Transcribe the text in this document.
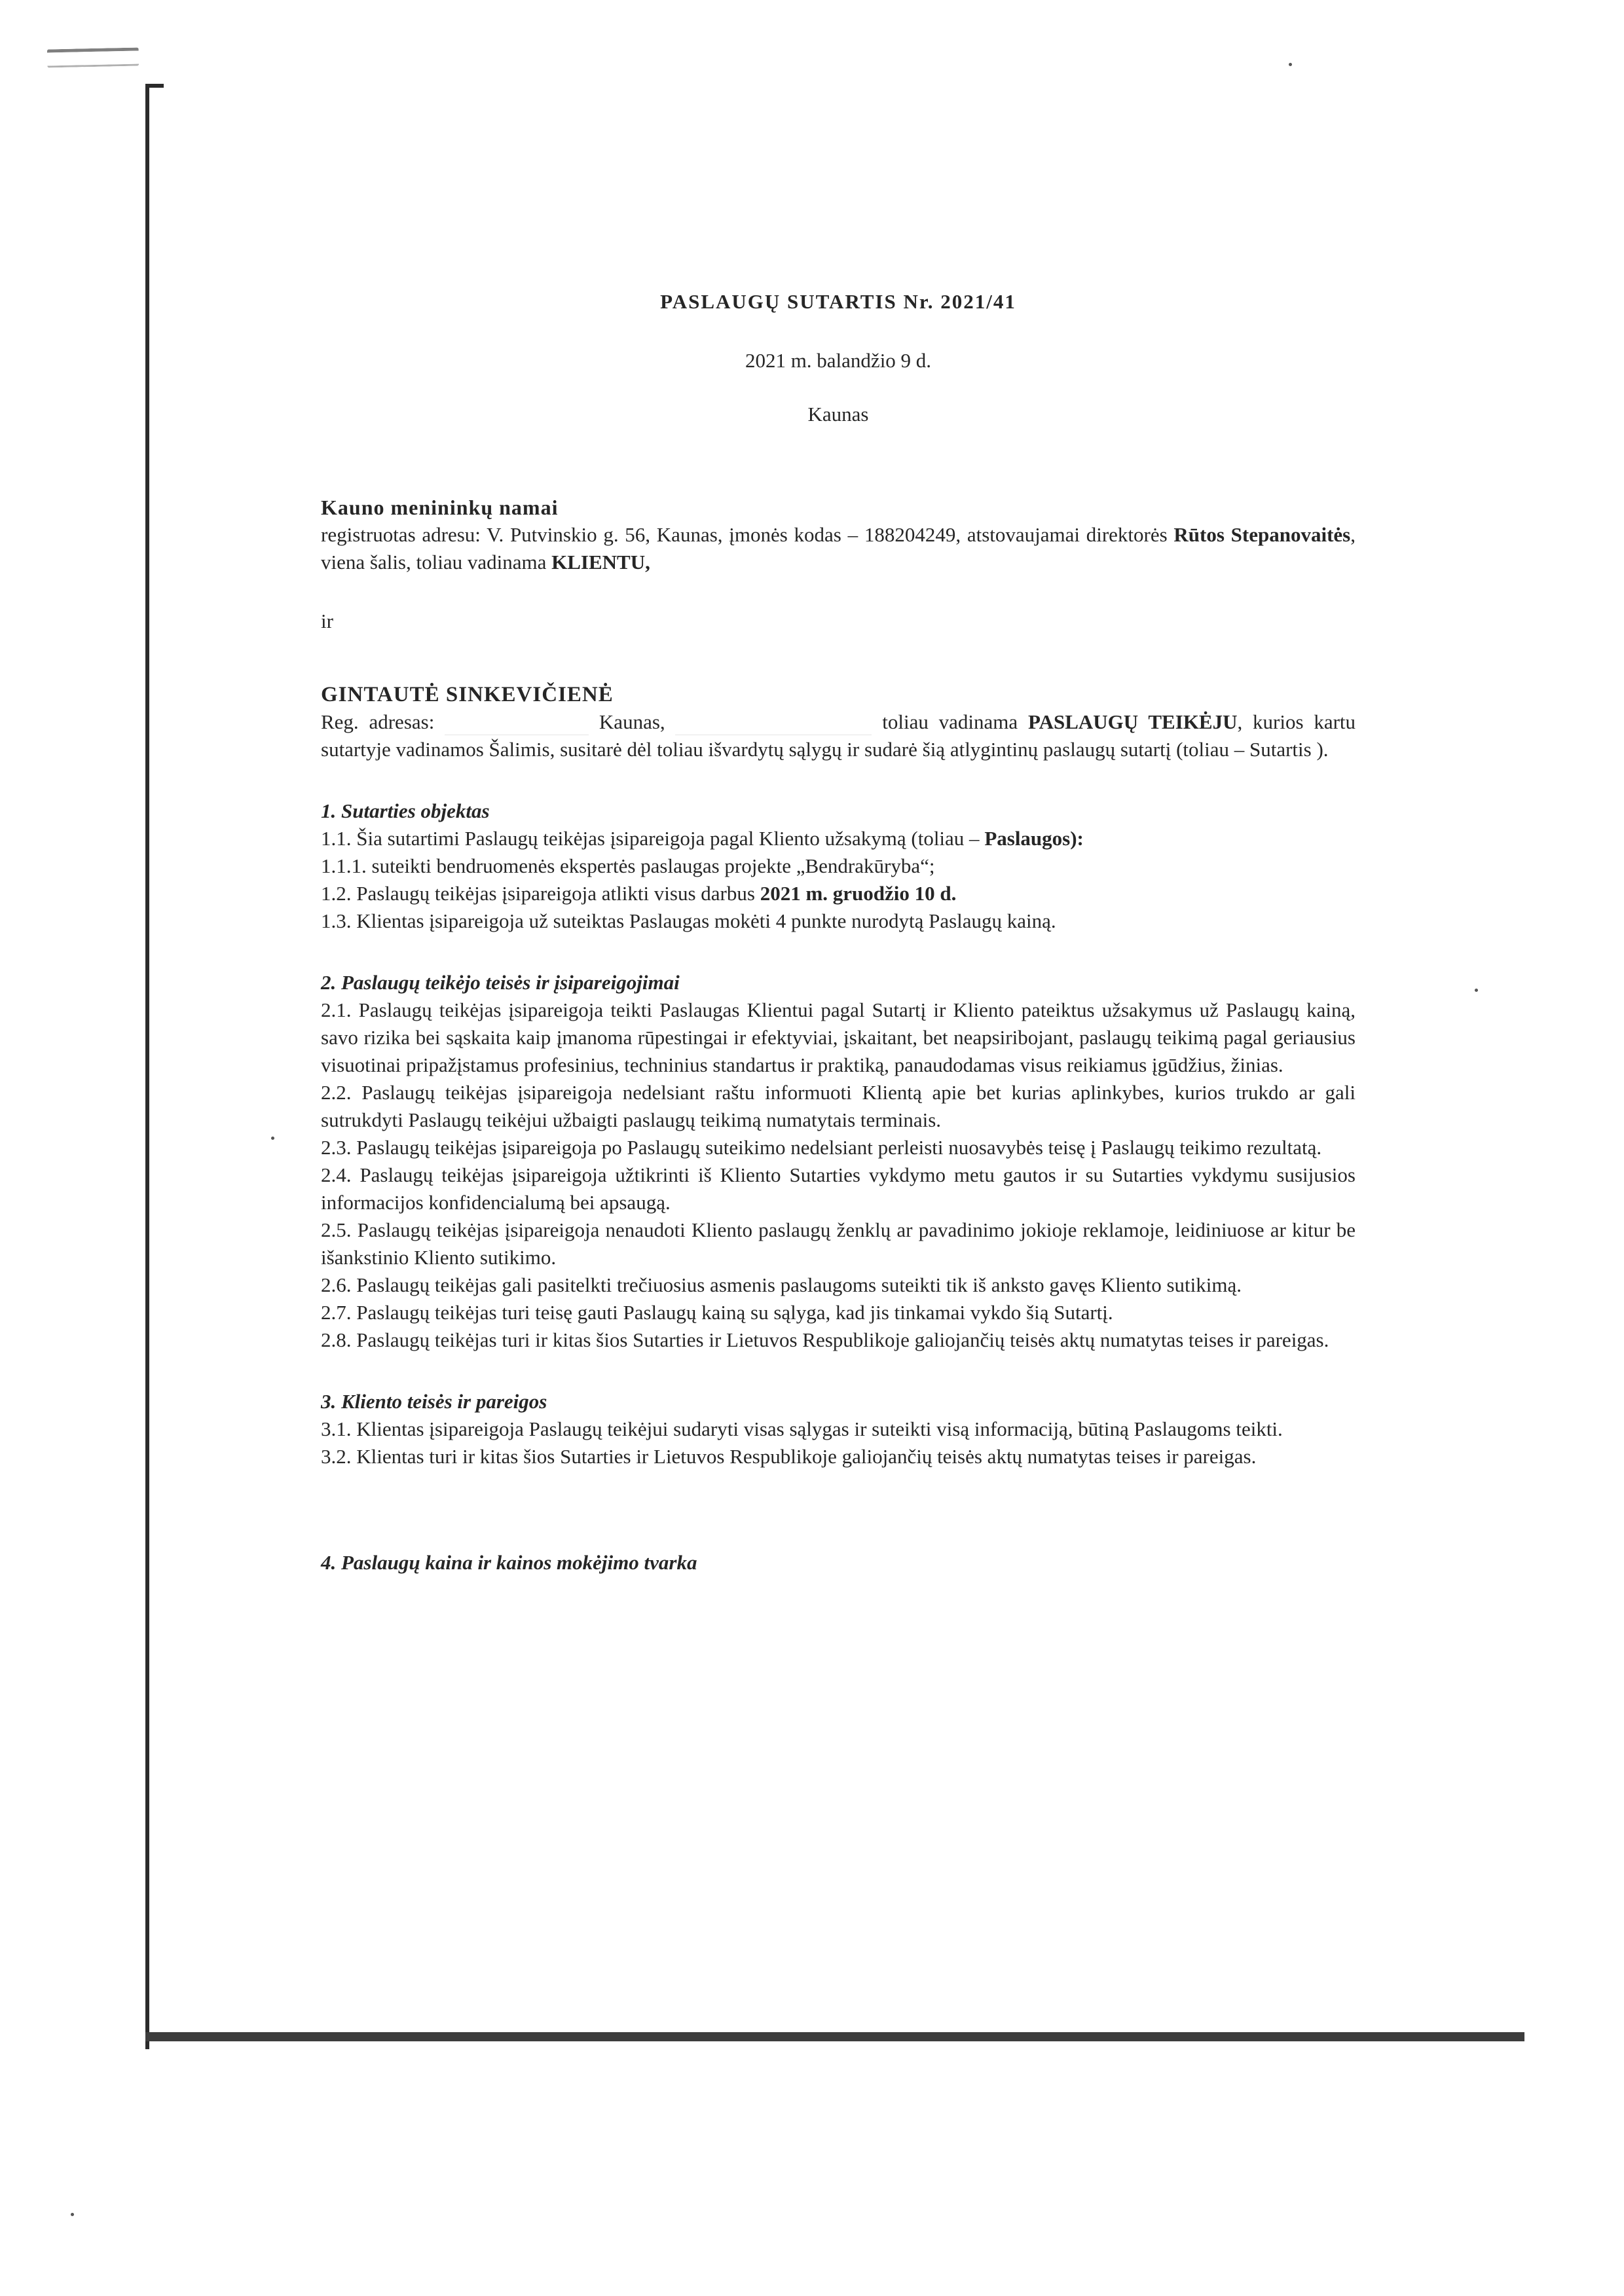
PASLAUGŲ SUTARTIS Nr. 2021/41
2021 m. balandžio 9 d.
Kaunas
Kauno menininkų namai
registruotas adresu: V. Putvinskio g. 56, Kaunas, įmonės kodas – 188204249, atstovaujamai direktorės Rūtos Stepanovaitės, viena šalis, toliau vadinama KLIENTU,
ir
GINTAUTĖ SINKEVIČIENĖ
Reg. adresas:	Kaunas,	toliau vadinama PASLAUGŲ TEIKĖJU, kurios kartu sutartyje vadinamos Šalimis, susitarė dėl toliau išvardytų sąlygų ir sudarė šią atlygintinų paslaugų sutartį (toliau – Sutartis ).
1. Sutarties objektas
1.1. Šia sutartimi Paslaugų teikėjas įsipareigoja pagal Kliento užsakymą (toliau – Paslaugos):
1.1.1. suteikti bendruomenės ekspertės paslaugas projekte „Bendrakūryba“;
1.2. Paslaugų teikėjas įsipareigoja atlikti visus darbus 2021 m. gruodžio 10 d.
1.3. Klientas įsipareigoja už suteiktas Paslaugas mokėti 4 punkte nurodytą Paslaugų kainą.
2. Paslaugų teikėjo teisės ir įsipareigojimai
2.1. Paslaugų teikėjas įsipareigoja teikti Paslaugas Klientui pagal Sutartį ir Kliento pateiktus užsakymus už Paslaugų kainą, savo rizika bei sąskaita kaip įmanoma rūpestingai ir efektyviai, įskaitant, bet neapsiribojant, paslaugų teikimą pagal geriausius visuotinai pripažįstamus profesinius, techninius standartus ir praktiką, panaudodamas visus reikiamus įgūdžius, žinias.
2.2. Paslaugų teikėjas įsipareigoja nedelsiant raštu informuoti Klientą apie bet kurias aplinkybes, kurios trukdo ar gali sutrukdyti Paslaugų teikėjui užbaigti paslaugų teikimą numatytais terminais.
2.3. Paslaugų teikėjas įsipareigoja po Paslaugų suteikimo nedelsiant perleisti nuosavybės teisę į Paslaugų teikimo rezultatą.
2.4. Paslaugų teikėjas įsipareigoja užtikrinti iš Kliento Sutarties vykdymo metu gautos ir su Sutarties vykdymu susijusios informacijos konfidencialumą bei apsaugą.
2.5. Paslaugų teikėjas įsipareigoja nenaudoti Kliento paslaugų ženklų ar pavadinimo jokioje reklamoje, leidiniuose ar kitur be išankstinio Kliento sutikimo.
2.6. Paslaugų teikėjas gali pasitelkti trečiuosius asmenis paslaugoms suteikti tik iš anksto gavęs Kliento sutikimą.
2.7. Paslaugų teikėjas turi teisę gauti Paslaugų kainą su sąlyga, kad jis tinkamai vykdo šią Sutartį.
2.8. Paslaugų teikėjas turi ir kitas šios Sutarties ir Lietuvos Respublikoje galiojančių teisės aktų numatytas teises ir pareigas.
3. Kliento teisės ir pareigos
3.1. Klientas įsipareigoja Paslaugų teikėjui sudaryti visas sąlygas ir suteikti visą informaciją, būtiną Paslaugoms teikti.
3.2. Klientas turi ir kitas šios Sutarties ir Lietuvos Respublikoje galiojančių teisės aktų numatytas teises ir pareigas.
4. Paslaugų kaina ir kainos mokėjimo tvarka
